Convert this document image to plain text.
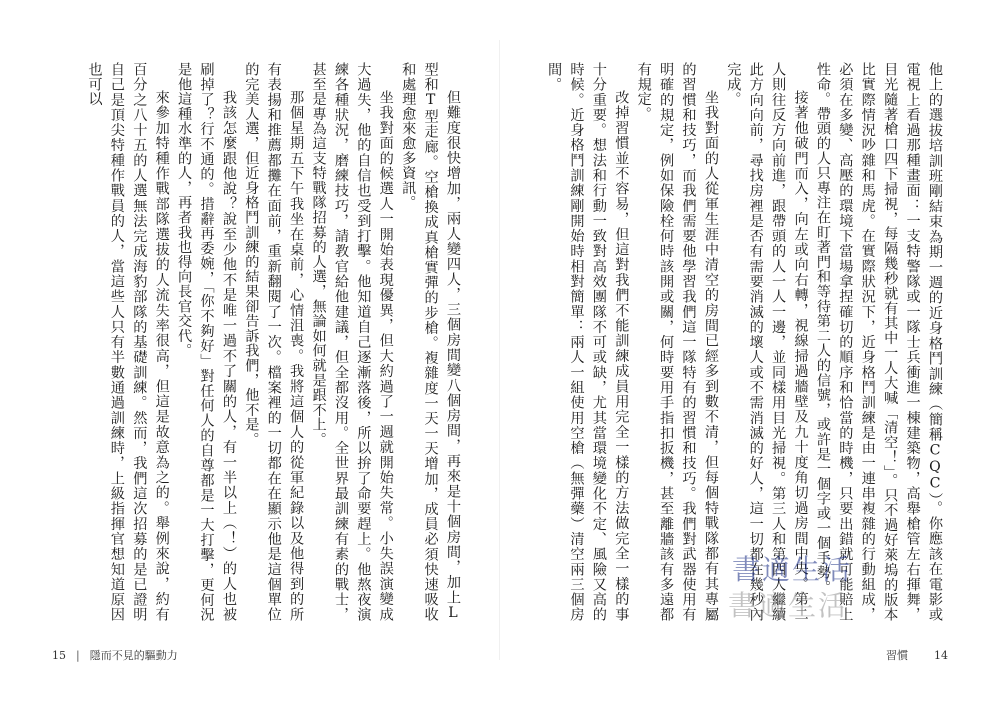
但難度很快增加，兩人變四人，三個房間變八個房間，再來是十個房間，加上L型和T型走廊。空槍換成真槍實彈的步槍。複雜度一天一天增加，成員必須快速吸收和處理愈來愈多資訊。

坐我對面的候選人一開始表現優異，但大約過了一週就開始失常。小失誤演變成大過失，他的自信也受到打擊。他知道自己逐漸落後，所以拚了命要趕上。他熬夜演練各種狀況，磨練技巧，請教官給他建議，但全都沒用。全世界最訓練有素的戰士，甚至是專為這支特戰隊招募的人選，無論如何就是跟不上。

那個星期五下午我坐在桌前，心情沮喪。我將這個人的從軍紀錄以及他得到的所有表揚和推薦都攤在面前，重新翻閱了一次。檔案裡的一切都在在顯示他是這個單位的完美人選，但近身格鬥訓練的結果卻告訴我們，他不是。

我該怎麼跟他說？說至少他不是唯一過不了關的人，有一半以上（！）的人也被刷掉了？行不通的。措辭再委婉，「你不夠好」對任何人的自尊都是一大打擊，更何況是他這種水準的人，再者我也得向長官交代。

來參加特種作戰部隊選拔的人流失率很高，但這是故意為之的。舉例來說，約有百分之八十五的人選無法完成海豹部隊的基礎訓練。然而，我們這次招募的是已證明自己是頂尖特種作戰員的人，當這些人只有半數通過訓練時，上級指揮官想知道原因也可以

15 | 隱而不見的驅動力

他上的選拔培訓班剛結束為期一週的近身格鬥訓練（簡稱CQC）。你應該在電影或電視上看過那種畫面：一支特警隊或一隊士兵衝進一棟建築物，高舉槍管左右揮舞，目光隨著槍口四下掃視，每隔幾秒就有其中一人大喊「清空！」。只不過好萊塢的版本比實際情況吵雜和馬虎。在實際狀況下，近身格鬥訓練是由一連串複雜的行動組成，必須在多變、高壓的環境下當場拿捏確切的順序和恰當的時機，只要出錯就可能賠上性命。帶頭的人只專注在盯著門和等待第二人的信號，或許是一個字或一個手勢。

接著他破門而入，向左或向右轉，視線掃過牆壁及九十度角切過房間中央。第二人則往反方向前進，跟帶頭的人一人一邊，並同樣用目光掃視。第三人和第四人繼續此方向向前，尋找房裡是否有需要消滅的壞人或不需消滅的好人，這一切都在幾秒內完成。

坐我對面的人從軍生涯中清空的房間已經多到數不清，但每個特戰隊都有其專屬的習慣和技巧，而我們需要他學習我們這一隊特有的習慣和技巧。我們對武器使用有明確的規定，例如保險栓何時該開或關，何時要用手指扣扳機，甚至離牆該有多遠都有規定。

改掉習慣並不容易，但這對我們不能訓練成員用完全一樣的方法做完全一樣的事十分重要。想法和行動一致對高效團隊不可或缺，尤其當環境變化不定、風險又高的時候。近身格鬥訓練剛開始時相對簡單：兩人一組使用空槍（無彈藥）清空兩三個房間。

習慣 14
書適生活
書適生活
